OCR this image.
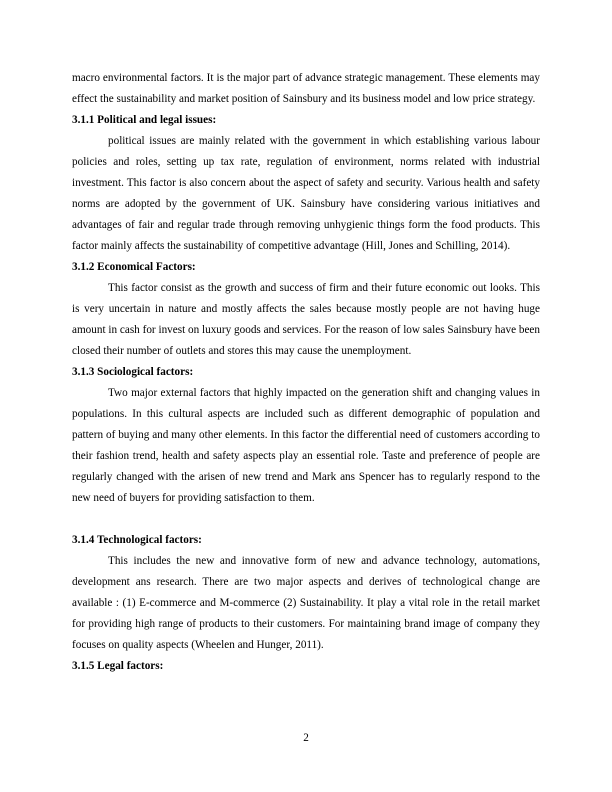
macro environmental factors. It is the major part of advance strategic management. These elements may effect the sustainability and market position of Sainsbury and its business model and low price strategy.

3.1.1 Political and legal issues:

political issues are mainly related with the government in which establishing various labour policies and roles, setting up tax rate, regulation of environment, norms related with industrial investment. This factor is also concern about the aspect of safety and security. Various health and safety norms are adopted by the government of UK. Sainsbury have considering various initiatives and advantages of fair and regular trade through removing unhygienic things form the food products. This factor mainly affects the sustainability of competitive advantage (Hill, Jones and Schilling, 2014).

3.1.2 Economical Factors:

This factor consist as the growth and success of firm and their future economic out looks. This is very uncertain in nature and mostly affects the sales because mostly people are not having huge amount in cash for invest on luxury goods and services. For the reason of low sales Sainsbury have been closed their number of outlets and stores this may cause the unemployment.

3.1.3 Sociological factors:

Two major external factors that highly impacted on the generation shift and changing values in populations. In this cultural aspects are included such as different demographic of population and pattern of buying and many other elements. In this factor the differential need of customers according to their fashion trend, health and safety aspects play an essential role. Taste and preference of people are regularly changed with the arisen of new trend and Mark ans Spencer has to regularly respond to the new need of buyers for providing satisfaction to them.

3.1.4 Technological factors:

This includes the new and innovative form of new and advance technology, automations, development ans research. There are two major aspects and derives of technological change are available : (1) E-commerce and M-commerce (2) Sustainability. It play a vital role in the retail market for providing high range of products to their customers. For maintaining brand image of company they focuses on quality aspects (Wheelen and Hunger, 2011).

3.1.5 Legal factors:
2
